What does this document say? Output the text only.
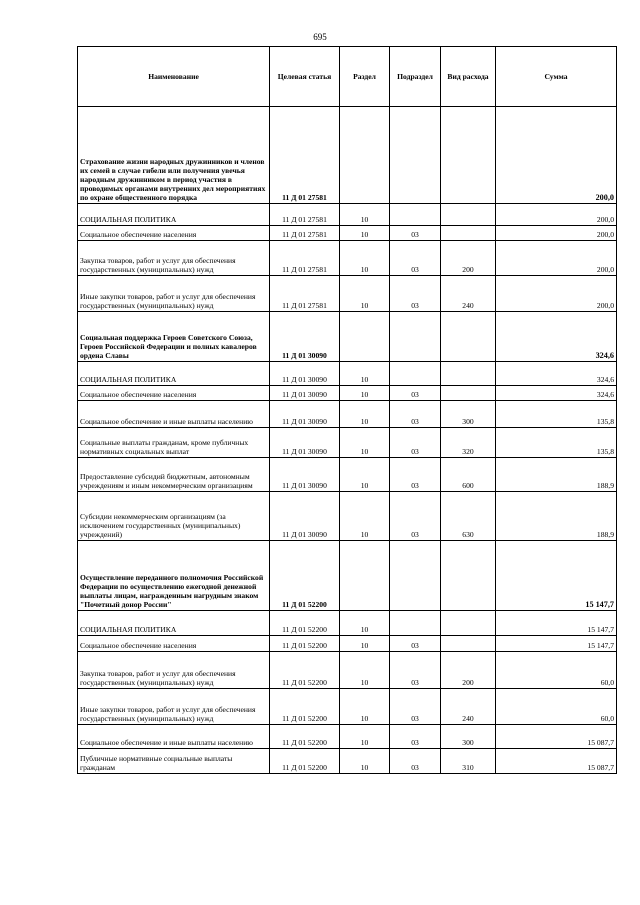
695
Наименование	Целевая статья	Раздел	Подраздел	Вид расхода	Сумма
Страхование жизни народных дружинников и членов их семей в случае гибели или получения увечья народным дружинником в период участия в проводимых органами внутренних дел мероприятиях по охране общественного порядка	11 Д 01 27581				200,0
СОЦИАЛЬНАЯ ПОЛИТИКА	11 Д 01 27581	10			200,0
Социальное обеспечение населения	11 Д 01 27581	10	03		200,0
Закупка товаров, работ и услуг для обеспечения государственных (муниципальных) нужд	11 Д 01 27581	10	03	200	200,0
Иные закупки товаров, работ и услуг для обеспечения государственных (муниципальных) нужд	11 Д 01 27581	10	03	240	200,0
Социальная поддержка Героев Советского Союза, Героев Российской Федерации и полных кавалеров ордена Славы	11 Д 01 30090				324,6
СОЦИАЛЬНАЯ ПОЛИТИКА	11 Д 01 30090	10			324,6
Социальное обеспечение населения	11 Д 01 30090	10	03		324,6
Социальное обеспечение и иные выплаты населению	11 Д 01 30090	10	03	300	135,8
Социальные выплаты гражданам, кроме публичных нормативных социальных выплат	11 Д 01 30090	10	03	320	135,8
Предоставление субсидий бюджетным, автономным учреждениям и иным некоммерческим организациям	11 Д 01 30090	10	03	600	188,9
Субсидии некоммерческим организациям (за исключением государственных (муниципальных) учреждений)	11 Д 01 30090	10	03	630	188,9
Осуществление переданного полномочия Российской Федерации по осуществлению ежегодной денежной выплаты лицам, награжденным нагрудным знаком "Почетный донор России"	11 Д 01 52200				15 147,7
СОЦИАЛЬНАЯ ПОЛИТИКА	11 Д 01 52200	10			15 147,7
Социальное обеспечение населения	11 Д 01 52200	10	03		15 147,7
Закупка товаров, работ и услуг для обеспечения государственных (муниципальных) нужд	11 Д 01 52200	10	03	200	60,0
Иные закупки товаров, работ и услуг для обеспечения государственных (муниципальных) нужд	11 Д 01 52200	10	03	240	60,0
Социальное обеспечение и иные выплаты населению	11 Д 01 52200	10	03	300	15 087,7
Публичные нормативные социальные выплаты гражданам	11 Д 01 52200	10	03	310	15 087,7
